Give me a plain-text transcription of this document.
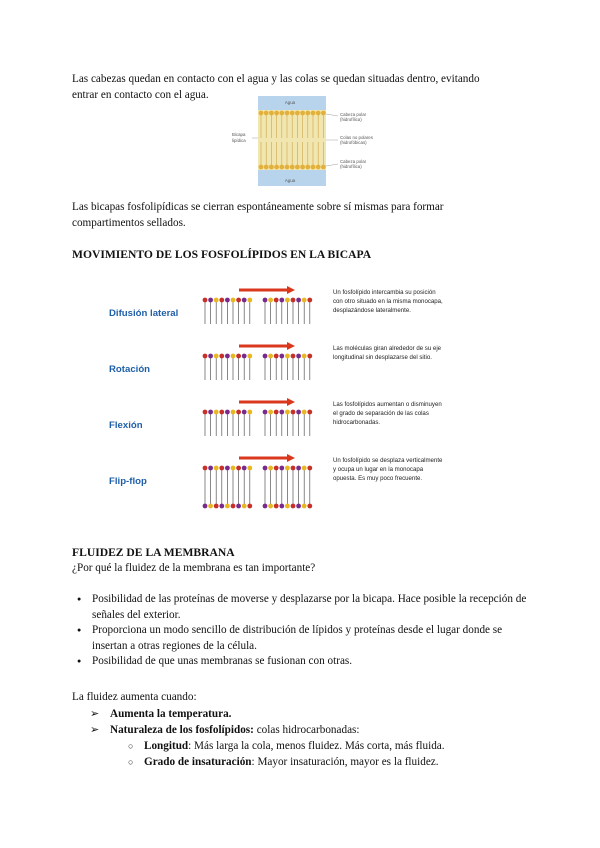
Las cabezas quedan en contacto con el agua y las colas se quedan situadas dentro, evitando

entrar en contacto con el agua.

Agua
Agua
Bicapa
lipídica
Cabeza polar
(hidrofílica)
Colas no polares
(hidrofóbicas)
Cabeza polar
(hidrofílica)

Las bicapas fosfolipídicas se cierran espontáneamente sobre sí mismas para formar

compartimentos sellados.

MOVIMIENTO DE LOS FOSFOLÍPIDOS EN LA BICAPA

Difusión lateral
Un fosfolípido intercambia su posición
con otro situado en la misma monocapa,
desplazándose lateralmente.
Rotación
Las moléculas giran alrededor de su eje
longitudinal sin desplazarse del sitio.
Flexión
Las fosfolípidos aumentan o disminuyen
el grado de separación de las colas
hidrocarbonadas.
Flip-flop
Un fosfolípido se desplaza verticalmente
y ocupa un lugar en la monocapa
opuesta. Es muy poco frecuente.

FLUIDEZ DE LA MEMBRANA

¿Por qué la fluidez de la membrana es tan importante?

● Posibilidad de las proteínas de moverse y desplazarse por la bicapa. Hace posible la recepción de señales del exterior.
● Proporciona un modo sencillo de distribución de lípidos y proteínas desde el lugar donde se insertan a otras regiones de la célula.
● Posibilidad de que unas membranas se fusionan con otras.

La fluidez aumenta cuando:

➢ Aumenta la temperatura.
➢ Naturaleza de los fosfolípidos: colas hidrocarbonadas:
○ Longitud: Más larga la cola, menos fluidez. Más corta, más fluida.
○ Grado de insaturación: Mayor insaturación, mayor es la fluidez.
